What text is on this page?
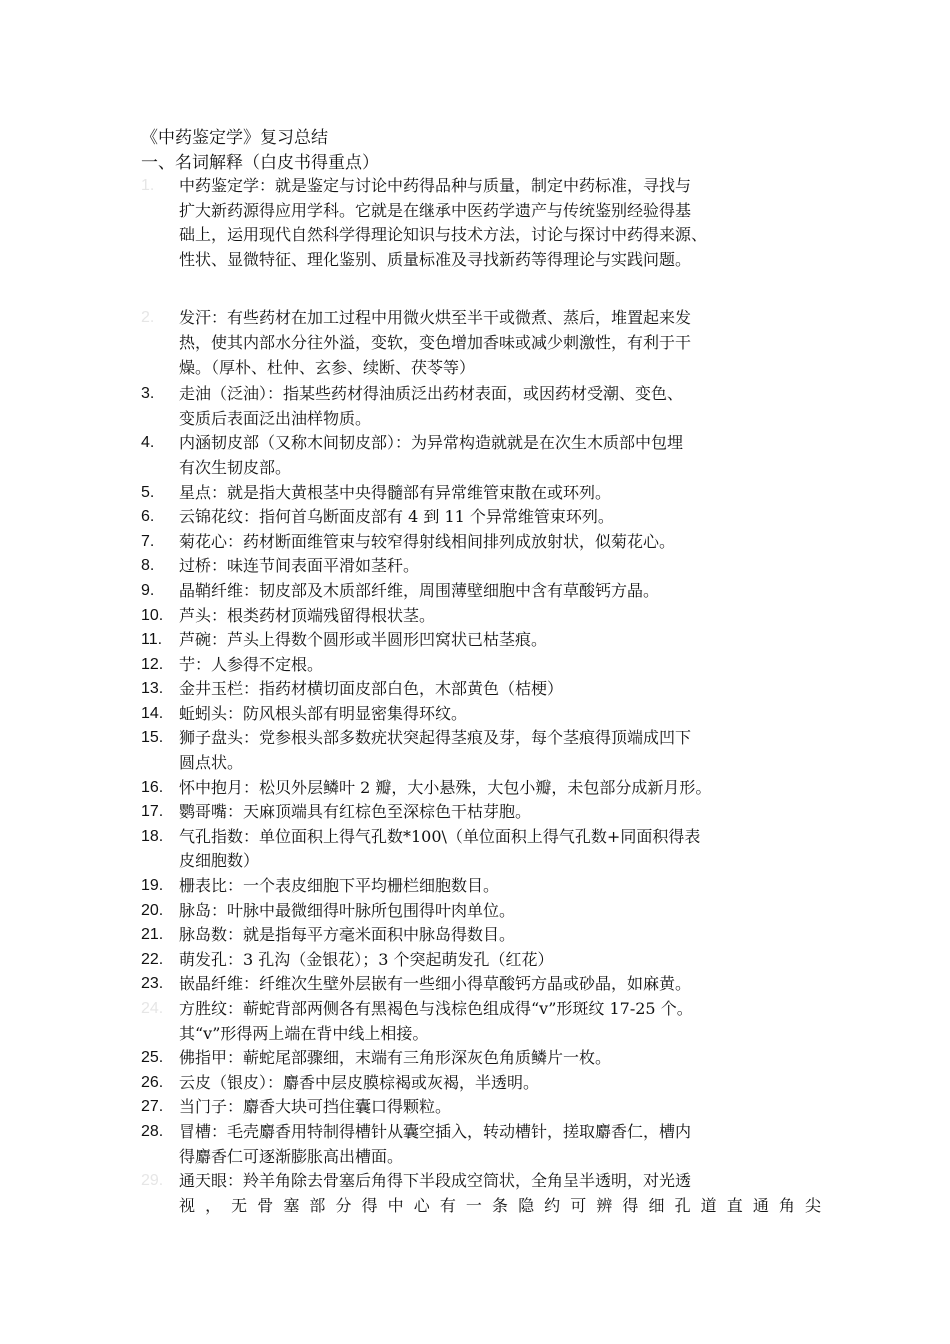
《中药鉴定学》复习总结
一、名词解释（白皮书得重点）
1.	中药鉴定学：就是鉴定与讨论中药得品种与质量，制定中药标准，寻找与
扩大新药源得应用学科。它就是在继承中医药学遗产与传统鉴别经验得基
础上，运用现代自然科学得理论知识与技术方法，讨论与探讨中药得来源、
性状、显微特征、理化鉴别、质量标准及寻找新药等得理论与实践问题。
2.	发汗：有些药材在加工过程中用微火烘至半干或微煮、蒸后，堆置起来发
热，使其内部水分往外溢，变软，变色增加香味或减少刺激性，有利于干
燥。（厚朴、杜仲、玄参、续断、茯苓等）
3.	走油（泛油）：指某些药材得油质泛出药材表面，或因药材受潮、变色、
变质后表面泛出油样物质。
4.	内涵韧皮部（又称木间韧皮部）：为异常构造就就是在次生木质部中包埋
有次生韧皮部。
5.	星点：就是指大黄根茎中央得髓部有异常维管束散在或环列。
6.	云锦花纹：指何首乌断面皮部有 4 到 11 个异常维管束环列。
7.	菊花心：药材断面维管束与较窄得射线相间排列成放射状，似菊花心。
8.	过桥：味连节间表面平滑如茎秆。
9.	晶鞘纤维：韧皮部及木质部纤维，周围薄壁细胞中含有草酸钙方晶。
10. 芦头：根类药材顶端残留得根状茎。
11.	芦碗：芦头上得数个圆形或半圆形凹窝状已枯茎痕。
12. 艼：人参得不定根。
13. 金井玉栏：指药材横切面皮部白色，木部黄色（桔梗）
14. 蚯蚓头：防风根头部有明显密集得环纹。
15. 狮子盘头：党参根头部多数疣状突起得茎痕及芽，每个茎痕得顶端成凹下
圆点状。
16. 怀中抱月：松贝外层鳞叶 2 瓣，大小悬殊，大包小瓣，未包部分成新月形。
17. 鹦哥嘴：天麻顶端具有红棕色至深棕色干枯芽胞。
18. 气孔指数：单位面积上得气孔数*100\（单位面积上得气孔数+同面积得表
皮细胞数）
19. 栅表比：一个表皮细胞下平均栅栏细胞数目。
20. 脉岛：叶脉中最微细得叶脉所包围得叶肉单位。
21. 脉岛数：就是指每平方毫米面积中脉岛得数目。
22. 萌发孔：3 孔沟（金银花）；3 个突起萌发孔（红花）
23. 嵌晶纤维：纤维次生壁外层嵌有一些细小得草酸钙方晶或砂晶，如麻黄。
24. 方胜纹：蕲蛇背部两侧各有黑褐色与浅棕色组成得“v”形斑纹 17-25 个。
其“v”形得两上端在背中线上相接。
25. 佛指甲：蕲蛇尾部骤细，末端有三角形深灰色角质鳞片一枚。
26. 云皮（银皮）：麝香中层皮膜棕褐或灰褐，半透明。
27. 当门子：麝香大块可挡住囊口得颗粒。
28. 冒槽：毛壳麝香用特制得槽针从囊空插入，转动槽针，搓取麝香仁，槽内
得麝香仁可逐渐膨胀高出槽面。
29. 通天眼：羚羊角除去骨塞后角得下半段成空筒状，全角呈半透明，对光透
视，无骨塞部分得中心有一条隐约可辨得细孔道直通角尖
